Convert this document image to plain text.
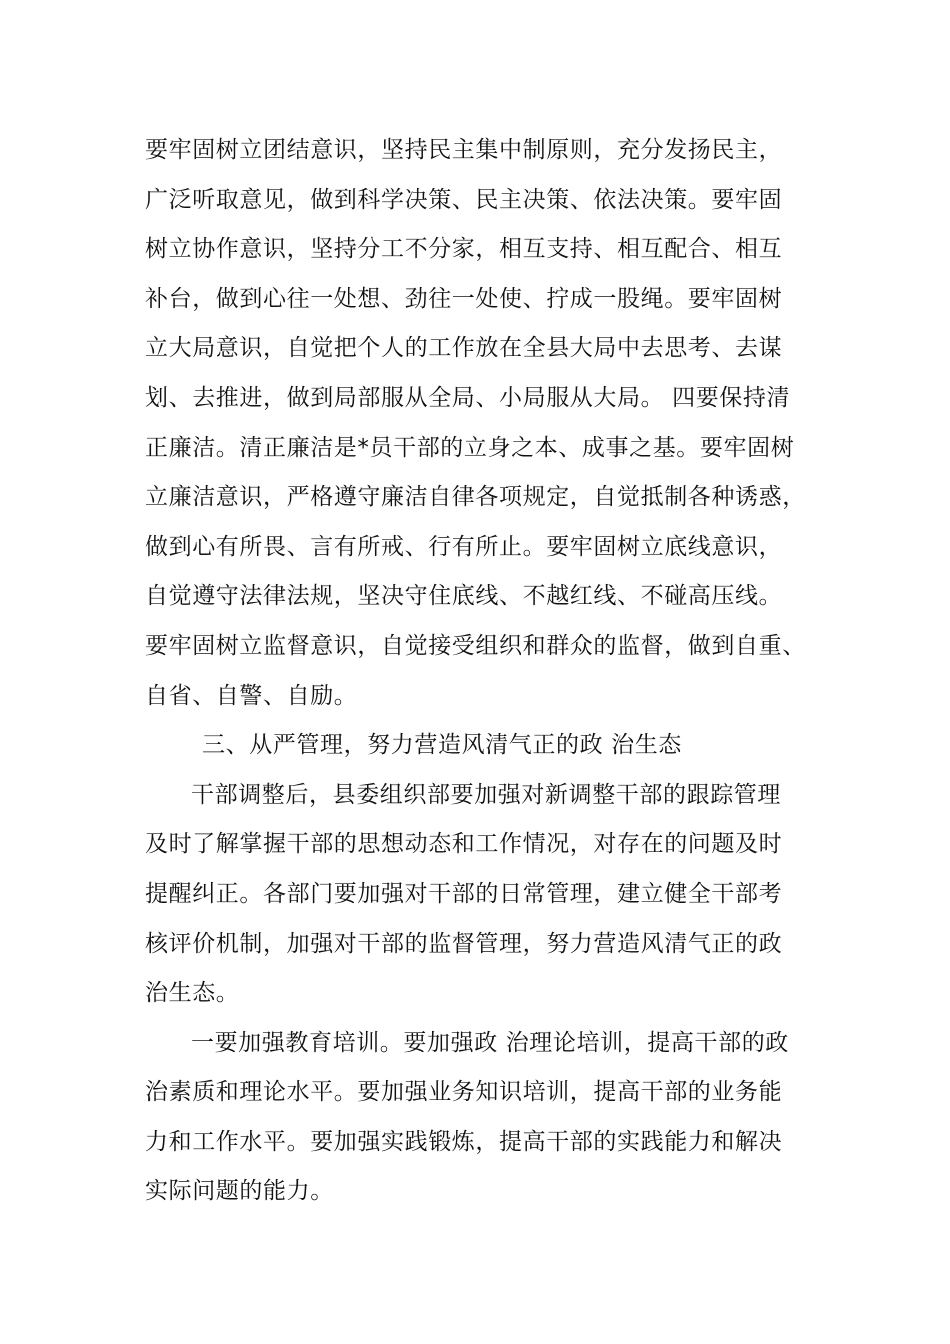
要牢固树立团结意识，坚持民主集中制原则，充分发扬民主，
广泛听取意见，做到科学决策、民主决策、依法决策。要牢固
树立协作意识，坚持分工不分家，相互支持、相互配合、相互
补台，做到心往一处想、劲往一处使、拧成一股绳。要牢固树
立大局意识，自觉把个人的工作放在全县大局中去思考、去谋
划、去推进，做到局部服从全局、小局服从大局。 四要保持清
正廉洁。清正廉洁是*员干部的立身之本、成事之基。要牢固树
立廉洁意识，严格遵守廉洁自律各项规定，自觉抵制各种诱惑，
做到心有所畏、言有所戒、行有所止。要牢固树立底线意识，
自觉遵守法律法规，坚决守住底线、不越红线、不碰高压线。
要牢固树立监督意识，自觉接受组织和群众的监督，做到自重、
自省、自警、自励。
三、从严管理，努力营造风清气正的政 治生态
干部调整后，县委组织部要加强对新调整干部的跟踪管理
及时了解掌握干部的思想动态和工作情况，对存在的问题及时
提醒纠正。各部门要加强对干部的日常管理，建立健全干部考
核评价机制，加强对干部的监督管理，努力营造风清气正的政
治生态。
一要加强教育培训。要加强政 治理论培训，提高干部的政
治素质和理论水平。要加强业务知识培训，提高干部的业务能
力和工作水平。要加强实践锻炼，提高干部的实践能力和解决
实际问题的能力。
